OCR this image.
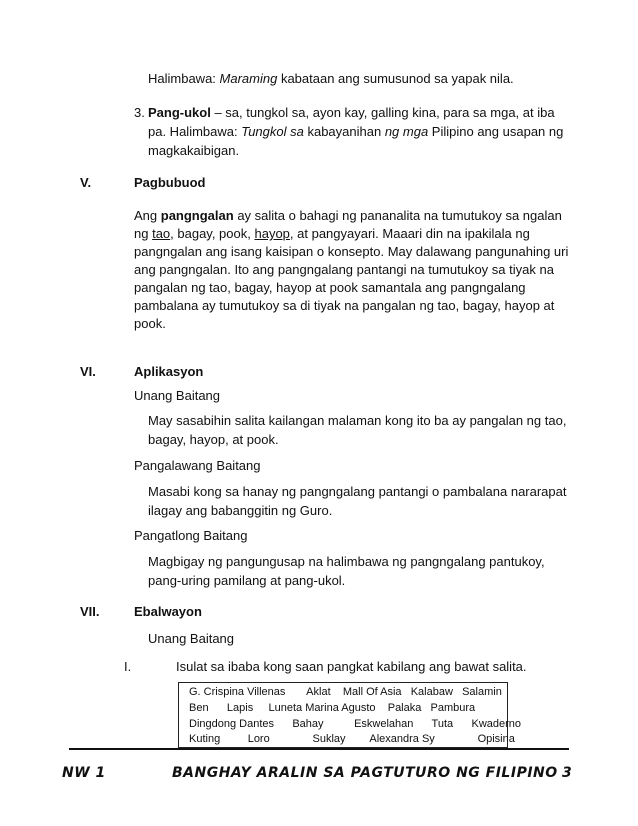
Halimbawa: Maraming kabataan ang sumusunod sa yapak nila.

3. Pang-ukol – sa, tungkol sa, ayon kay, galling kina, para sa mga, at iba

pa. Halimbawa: Tungkol sa kabayanihan ng mga Pilipino ang usapan ng

magkakaibigan.

V.	Pagbubuod

Ang pangngalan ay salita o bahagi ng pananalita na tumutukoy sa ngalan

ng tao, bagay, pook, hayop, at pangyayari. Maaari din na ipakilala ng

pangngalan ang isang kaisipan o konsepto. May dalawang pangunahing uri

ang pangngalan. Ito ang pangngalang pantangi na tumutukoy sa tiyak na

pangalan ng tao, bagay, hayop at pook samantala ang pangngalang

pambalana ay tumutukoy sa di tiyak na pangalan ng tao, bagay, hayop at

pook.

VI.	Aplikasyon
Unang Baitang

May sasabihin salita kailangan malaman kong ito ba ay pangalan ng tao,

bagay, hayop, at pook.

Pangalawang Baitang

Masabi kong sa hanay ng pangngalang pantangi o pambalana nararapat

ilagay ang babanggitin ng Guro.

Pangatlong Baitang

Magbigay ng pangungusap na halimbawa ng pangngalang pantukoy,

pang-uring pamilang at pang-ukol.

VII.	Ebalwayon
Unang Baitang
I.	Isulat sa ibaba kong saan pangkat kabilang ang bawat salita.

G. Crispina Villenas       Aklat    Mall Of Asia   Kalabaw   Salamin
Ben      Lapis     Luneta Marina Agusto    Palaka   Pambura
Dingdong Dantes      Bahay          Eskwelahan      Tuta      Kwaderno
Kuting         Loro              Suklay        Alexandra Sy              Opisina
NW 1	BANGHAY ARALIN SA PAGTUTURO NG FILIPINO 3
